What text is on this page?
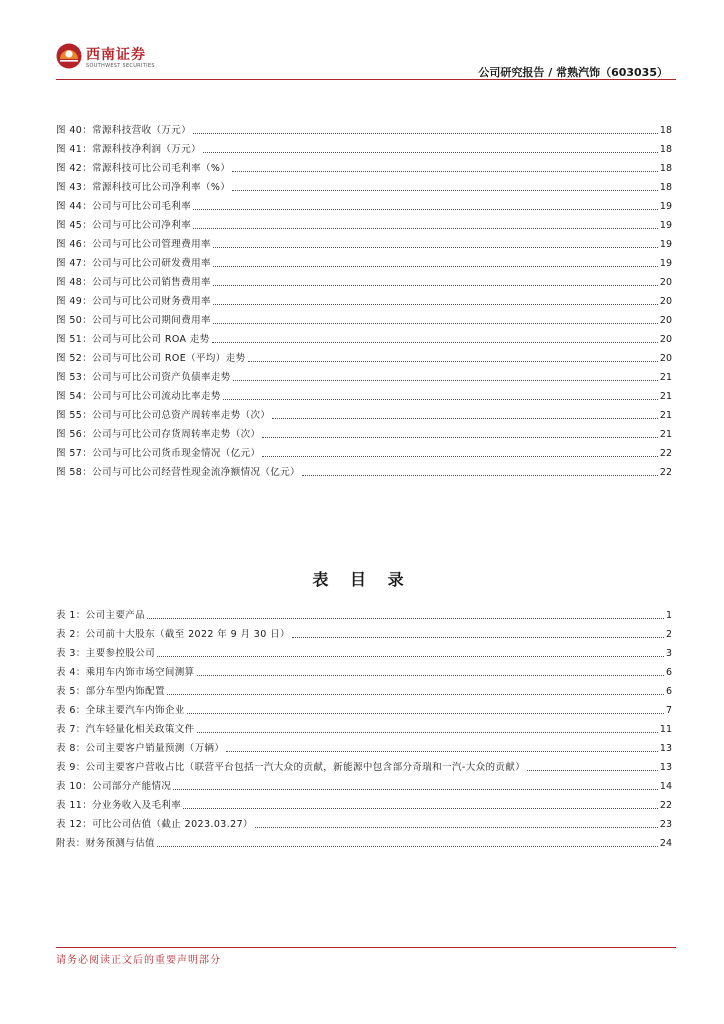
西南证券
SOUTHWEST SECURITIES	公司研究报告 / 常熟汽饰（603035）
图 40：常源科技营收（万元）	18
图 41：常源科技净利润（万元）	18
图 42：常源科技可比公司毛利率（%）	18
图 43：常源科技可比公司净利率（%）	18
图 44：公司与可比公司毛利率	19
图 45：公司与可比公司净利率	19
图 46：公司与可比公司管理费用率	19
图 47：公司与可比公司研发费用率	19
图 48：公司与可比公司销售费用率	20
图 49：公司与可比公司财务费用率	20
图 50：公司与可比公司期间费用率	20
图 51：公司与可比公司 ROA 走势	20
图 52：公司与可比公司 ROE（平均）走势	20
图 53：公司与可比公司资产负债率走势	21
图 54：公司与可比公司流动比率走势	21
图 55：公司与可比公司总资产周转率走势（次）	21
图 56：公司与可比公司存货周转率走势（次）	21
图 57：公司与可比公司货币现金情况（亿元）	22
图 58：公司与可比公司经营性现金流净额情况（亿元）	22
表 目 录
表 1：公司主要产品	1
表 2：公司前十大股东（截至 2022 年 9 月 30 日）	2
表 3：主要参控股公司	3
表 4：乘用车内饰市场空间测算	6
表 5：部分车型内饰配置	6
表 6：全球主要汽车内饰企业	7
表 7：汽车轻量化相关政策文件	11
表 8：公司主要客户销量预测（万辆）	13
表 9：公司主要客户营收占比（联营平台包括一汽大众的贡献，新能源中包含部分奇瑞和一汽-大众的贡献）	13
表 10：公司部分产能情况	14
表 11：分业务收入及毛利率	22
表 12：可比公司估值（截止 2023.03.27）	23
附表：财务预测与估值	24
请务必阅读正文后的重要声明部分
